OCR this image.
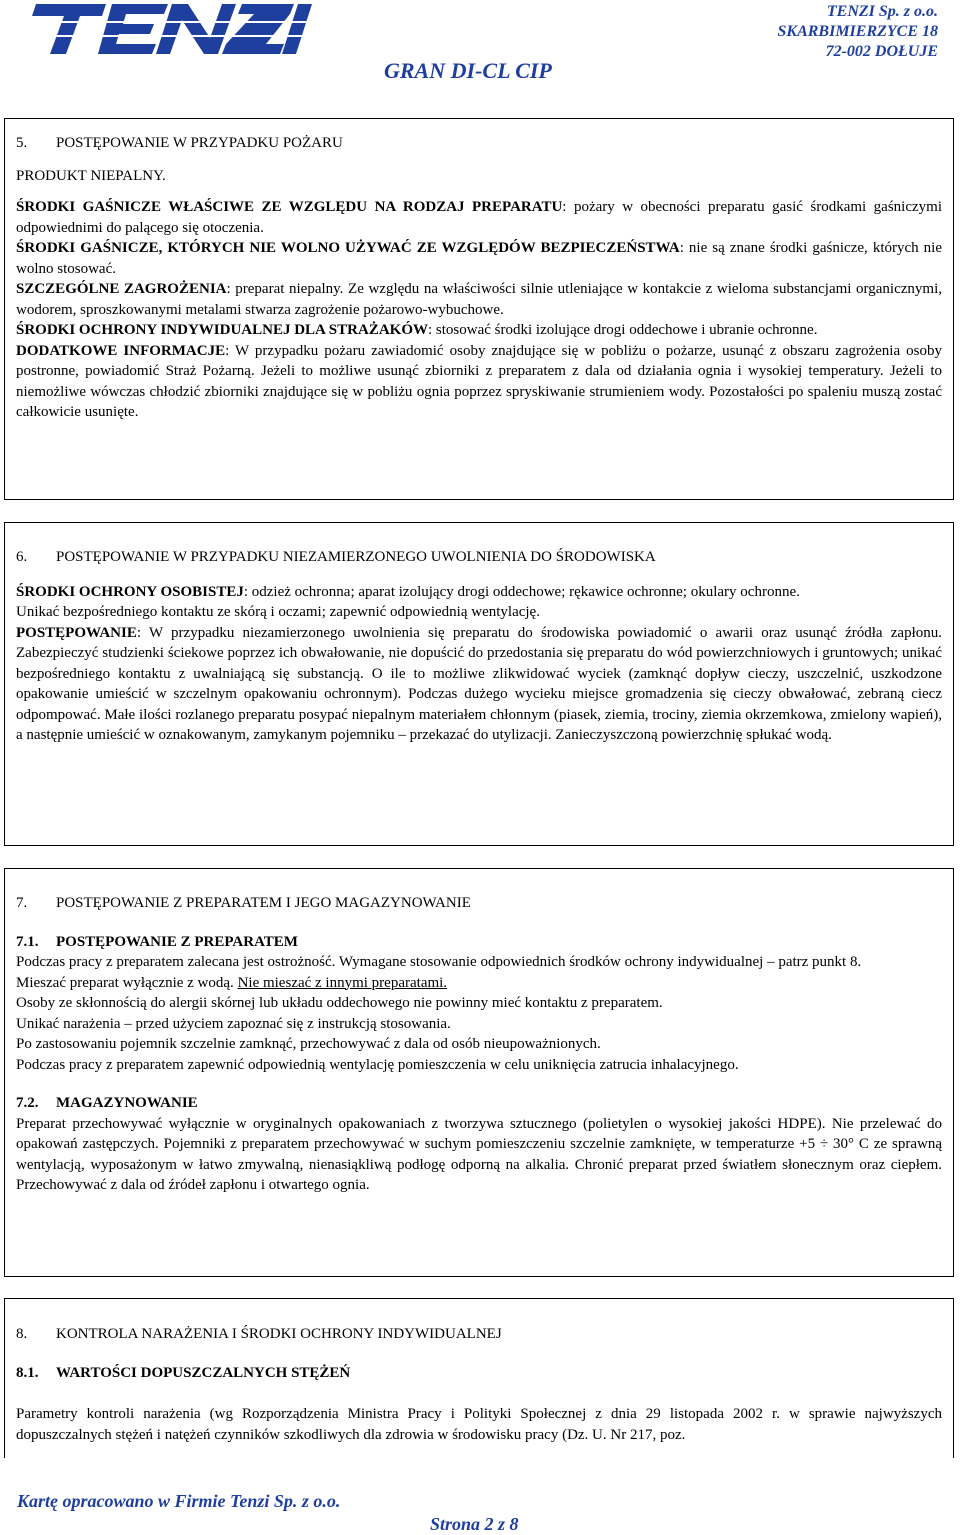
TENZI Sp. z o.o.
SKARBIMIERZYCE 18
72-002 DOŁUJE
GRAN DI-CL CIP

5. POSTĘPOWANIE W PRZYPADKU POŻARU

PRODUKT NIEPALNY.

ŚRODKI GAŚNICZE WŁAŚCIWE ZE WZGLĘDU NA RODZAJ PREPARATU: pożary w obecności preparatu gasić środkami gaśniczymi odpowiednimi do palącego się otoczenia.

ŚRODKI GAŚNICZE, KTÓRYCH NIE WOLNO UŻYWAĆ ZE WZGLĘDÓW BEZPIECZEŃSTWA: nie są znane środki gaśnicze, których nie wolno stosować.

SZCZEGÓLNE ZAGROŻENIA: preparat niepalny. Ze względu na właściwości silnie utleniające w kontakcie z wieloma substancjami organicznymi, wodorem, sproszkowanymi metalami stwarza zagrożenie pożarowo-wybuchowe.

ŚRODKI OCHRONY INDYWIDUALNEJ DLA STRAŻAKÓW: stosować środki izolujące drogi oddechowe i ubranie ochronne.

DODATKOWE INFORMACJE: W przypadku pożaru zawiadomić osoby znajdujące się w pobliżu o pożarze, usunąć z obszaru zagrożenia osoby postronne, powiadomić Straż Pożarną. Jeżeli to możliwe usunąć zbiorniki z preparatem z dala od działania ognia i wysokiej temperatury. Jeżeli to niemożliwe wówczas chłodzić zbiorniki znajdujące się w pobliżu ognia poprzez spryskiwanie strumieniem wody. Pozostałości po spaleniu muszą zostać całkowicie usunięte.

6. POSTĘPOWANIE W PRZYPADKU NIEZAMIERZONEGO UWOLNIENIA DO ŚRODOWISKA

ŚRODKI OCHRONY OSOBISTEJ: odzież ochronna; aparat izolujący drogi oddechowe; rękawice ochronne; okulary ochronne.

Unikać bezpośredniego kontaktu ze skórą i oczami; zapewnić odpowiednią wentylację.

POSTĘPOWANIE: W przypadku niezamierzonego uwolnienia się preparatu do środowiska powiadomić o awarii oraz usunąć źródła zapłonu. Zabezpieczyć studzienki ściekowe poprzez ich obwałowanie, nie dopuścić do przedostania się preparatu do wód powierzchniowych i gruntowych; unikać bezpośredniego kontaktu z uwalniającą się substancją. O ile to możliwe zlikwidować wyciek (zamknąć dopływ cieczy, uszczelnić, uszkodzone opakowanie umieścić w szczelnym opakowaniu ochronnym). Podczas dużego wycieku miejsce gromadzenia się cieczy obwałować, zebraną ciecz odpompować. Małe ilości rozlanego preparatu posypać niepalnym materiałem chłonnym (piasek, ziemia, trociny, ziemia okrzemkowa, zmielony wapień), a następnie umieścić w oznakowanym, zamykanym pojemniku – przekazać do utylizacji. Zanieczyszczoną powierzchnię spłukać wodą.

7. POSTĘPOWANIE Z PREPARATEM I JEGO MAGAZYNOWANIE

7.1. POSTĘPOWANIE Z PREPARATEM

Podczas pracy z preparatem zalecana jest ostrożność. Wymagane stosowanie odpowiednich środków ochrony indywidualnej – patrz punkt 8.

Mieszać preparat wyłącznie z wodą. Nie mieszać z innymi preparatami.

Osoby ze skłonnością do alergii skórnej lub układu oddechowego nie powinny mieć kontaktu z preparatem.

Unikać narażenia – przed użyciem zapoznać się z instrukcją stosowania.

Po zastosowaniu pojemnik szczelnie zamknąć, przechowywać z dala od osób nieupoważnionych.

Podczas pracy z preparatem zapewnić odpowiednią wentylację pomieszczenia w celu uniknięcia zatrucia inhalacyjnego.

7.2. MAGAZYNOWANIE

Preparat przechowywać wyłącznie w oryginalnych opakowaniach z tworzywa sztucznego (polietylen o wysokiej jakości HDPE). Nie przelewać do opakowań zastępczych. Pojemniki z preparatem przechowywać w suchym pomieszczeniu szczelnie zamknięte, w temperaturze +5 ÷ 30° C ze sprawną wentylacją, wyposażonym w łatwo zmywalną, nienasiąkliwą podłogę odporną na alkalia. Chronić preparat przed światłem słonecznym oraz ciepłem. Przechowywać z dala od źródeł zapłonu i otwartego ognia.

8. KONTROLA NARAŻENIA I ŚRODKI OCHRONY INDYWIDUALNEJ

8.1. WARTOŚCI DOPUSZCZALNYCH STĘŻEŃ

Parametry kontroli narażenia (wg Rozporządzenia Ministra Pracy i Polityki Społecznej z dnia 29 listopada 2002 r. w sprawie najwyższych dopuszczalnych stężeń i natężeń czynników szkodliwych dla zdrowia w środowisku pracy (Dz. U. Nr 217, poz.

Kartę opracowano w Firmie Tenzi Sp. z o.o.
Strona 2 z 8
